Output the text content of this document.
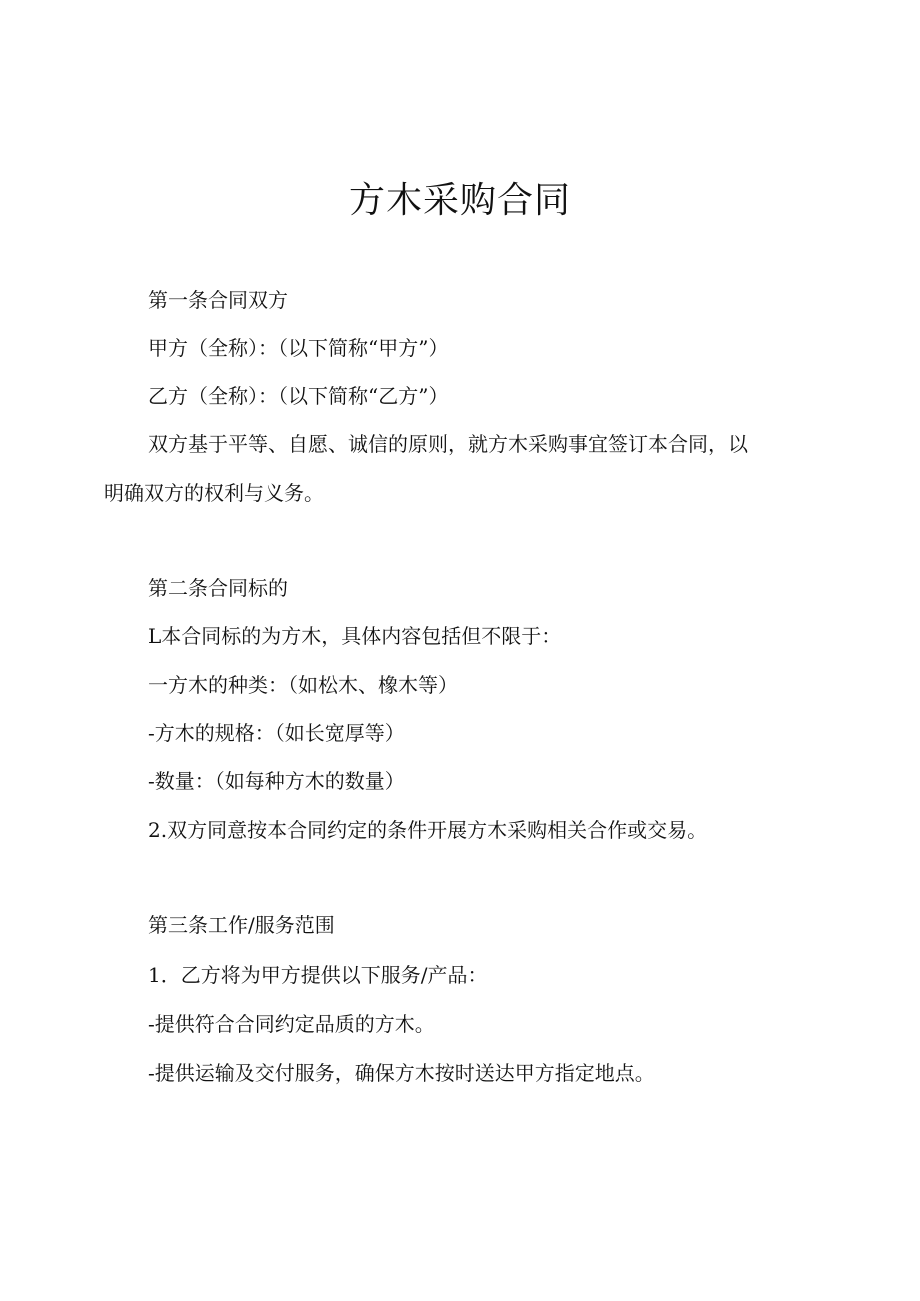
方木采购合同

第一条合同双方

甲方（全称）：（以下简称“甲方”）

乙方（全称）：（以下简称“乙方”）

双方基于平等、自愿、诚信的原则，就方木采购事宜签订本合同，以

明确双方的权利与义务。

第二条合同标的

L本合同标的为方木，具体内容包括但不限于：

一方木的种类：（如松木、橡木等）

-方木的规格：（如长宽厚等）

-数量：（如每种方木的数量）

2.双方同意按本合同约定的条件开展方木采购相关合作或交易。

第三条工作/服务范围

1．乙方将为甲方提供以下服务/产品：

-提供符合合同约定品质的方木。

-提供运输及交付服务，确保方木按时送达甲方指定地点。
